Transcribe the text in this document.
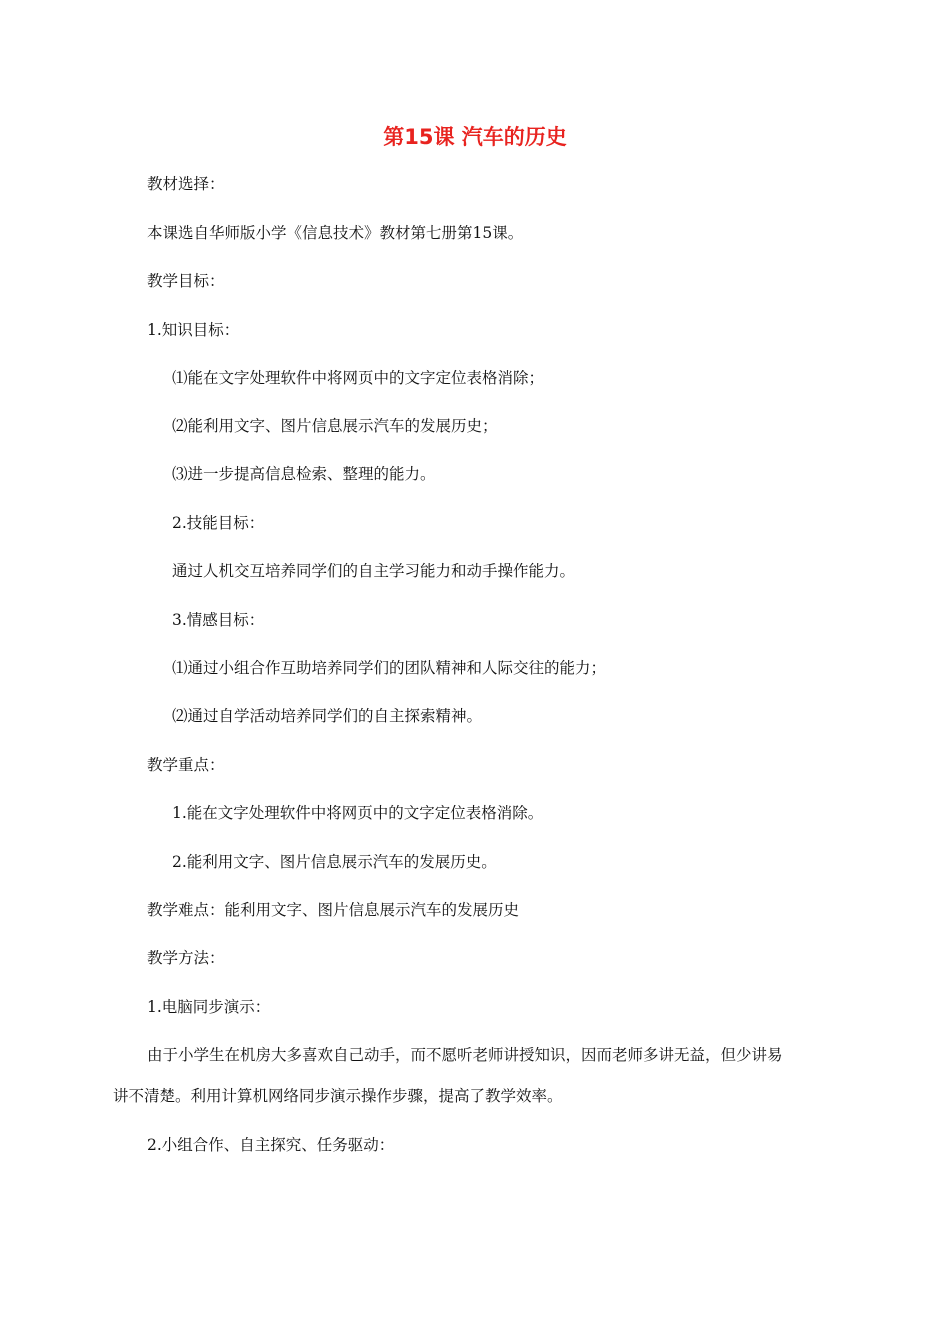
第15课 汽车的历史
教材选择：
本课选自华师版小学《信息技术》教材第七册第15课。
教学目标：
1.知识目标：
⑴能在文字处理软件中将网页中的文字定位表格消除；
⑵能利用文字、图片信息展示汽车的发展历史；
⑶进一步提高信息检索、整理的能力。
2.技能目标：
通过人机交互培养同学们的自主学习能力和动手操作能力。
3.情感目标：
⑴通过小组合作互助培养同学们的团队精神和人际交往的能力；
⑵通过自学活动培养同学们的自主探索精神。
教学重点：
1.能在文字处理软件中将网页中的文字定位表格消除。
2.能利用文字、图片信息展示汽车的发展历史。
教学难点：能利用文字、图片信息展示汽车的发展历史
教学方法：
1.电脑同步演示：
由于小学生在机房大多喜欢自己动手，而不愿听老师讲授知识，因而老师多讲无益，但少讲易
讲不清楚。利用计算机网络同步演示操作步骤，提高了教学效率。
2.小组合作、自主探究、任务驱动：
